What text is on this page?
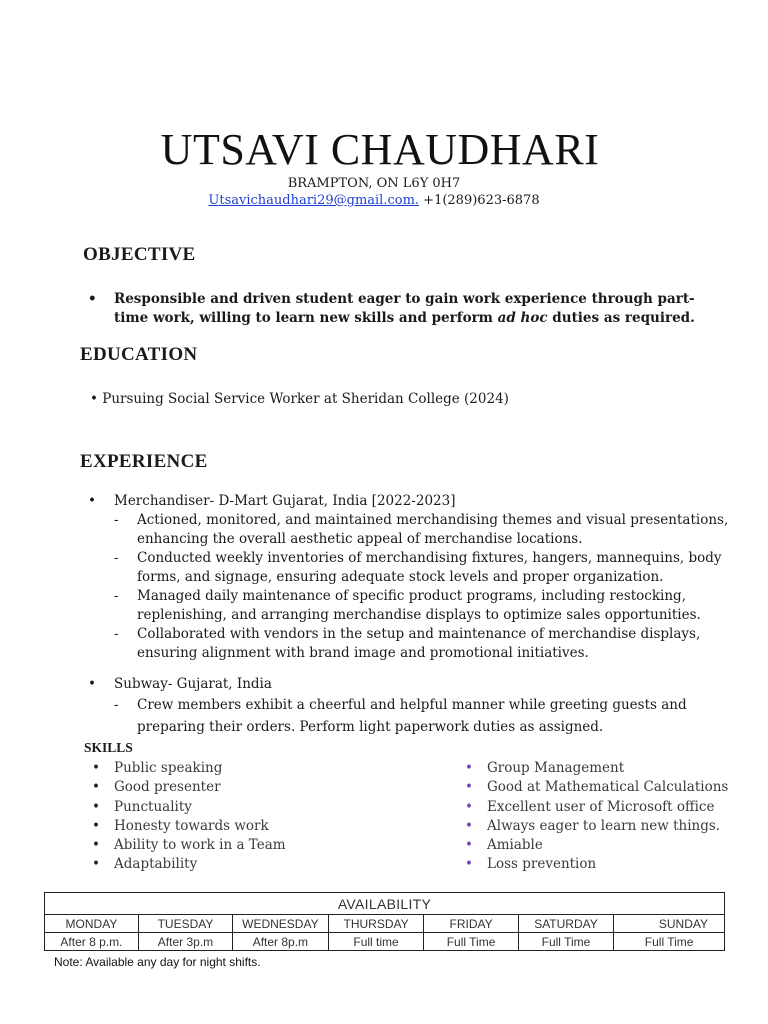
UTSAVI CHAUDHARI
BRAMPTON, ON L6Y 0H7
Utsavichaudhari29@gmail.com. +1(289)623-6878
OBJECTIVE
• Responsible and driven student eager to gain work experience through part-time work, willing to learn new skills and perform ad hoc duties as required.
EDUCATION
• Pursuing Social Service Worker at Sheridan College (2024)
EXPERIENCE
• Merchandiser- D-Mart Gujarat, India [2022-2023]
- Actioned, monitored, and maintained merchandising themes and visual presentations, enhancing the overall aesthetic appeal of merchandise locations.
- Conducted weekly inventories of merchandising fixtures, hangers, mannequins, body forms, and signage, ensuring adequate stock levels and proper organization.
- Managed daily maintenance of specific product programs, including restocking, replenishing, and arranging merchandise displays to optimize sales opportunities.
- Collaborated with vendors in the setup and maintenance of merchandise displays, ensuring alignment with brand image and promotional initiatives.
• Subway- Gujarat, India
- Crew members exhibit a cheerful and helpful manner while greeting guests and preparing their orders. Perform light paperwork duties as assigned.
SKILLS
• Public speaking
• Good presenter
• Punctuality
• Honesty towards work
• Ability to work in a Team
• Adaptability
• Group Management
• Good at Mathematical Calculations
• Excellent user of Microsoft office
• Always eager to learn new things.
• Amiable
• Loss prevention
AVAILABILITY						
MONDAY	TUESDAY	WEDNESDAY	THURSDAY	FRIDAY	SATURDAY	SUNDAY
After 8 p.m.	After 3p.m	After 8p.m	Full time	Full Time	Full Time	Full Time
Note: Available any day for night shifts.
